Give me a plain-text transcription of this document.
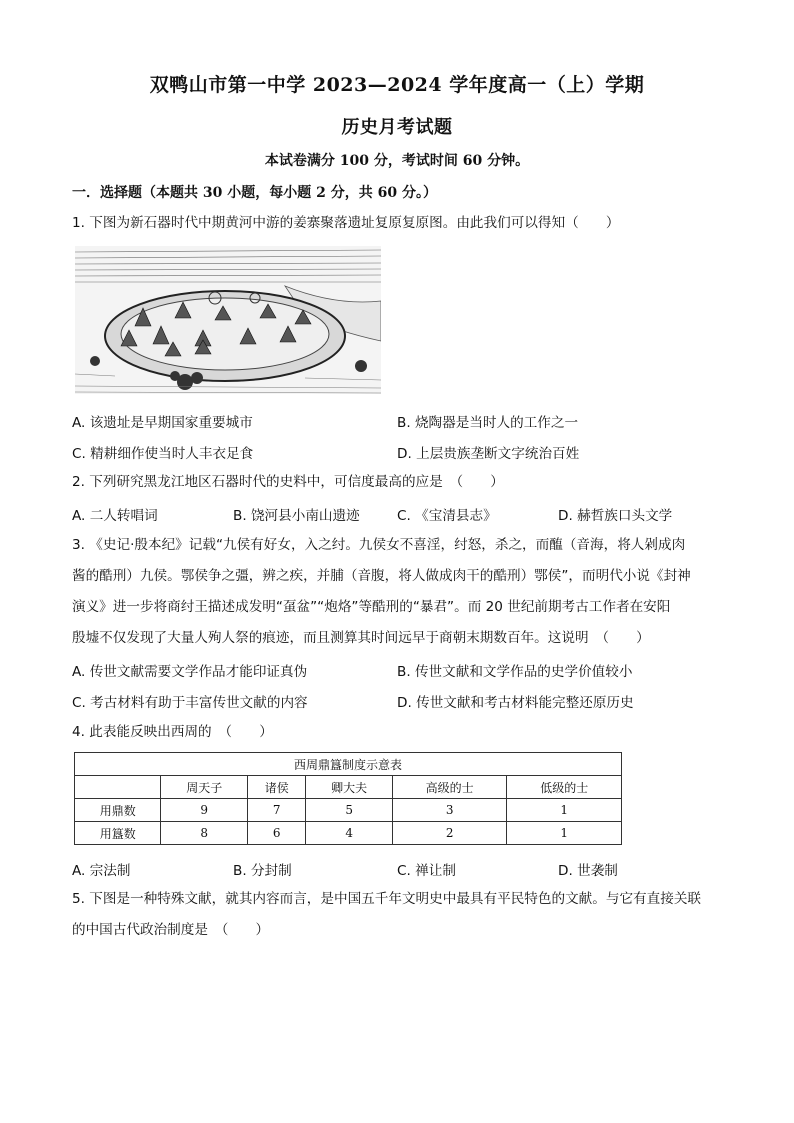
双鸭山市第一中学 2023—2024 学年度高一（上）学期
历史月考试题
本试卷满分 100 分，考试时间 60 分钟。
一．选择题（本题共 30 小题，每小题 2 分，共 60 分。）
1. 下图为新石器时代中期黄河中游的姜寨聚落遗址复原复原图。由此我们可以得知（　　）
A. 该遗址是早期国家重要城市	B. 烧陶器是当时人的工作之一
C. 精耕细作使当时人丰衣足食	D. 上层贵族垄断文字统治百姓
2. 下列研究黑龙江地区石器时代的史料中，可信度最高的应是　（　　）
A. 二人转唱词	B. 饶河县小南山遗迹	C. 《宝清县志》	D. 赫哲族口头文学
3. 《史记·殷本纪》记载“九侯有好女，入之纣。九侯女不喜淫，纣怒，杀之，而醢（音海，将人剁成肉
酱的酷刑）九侯。鄂侯争之彊，辨之疾，并脯（音腹，将人做成肉干的酷刑）鄂侯”，而明代小说《封神
演义》进一步将商纣王描述成发明“虿盆”“炮烙”等酷刑的“暴君”。而 20 世纪前期考古工作者在安阳
殷墟不仅发现了大量人殉人祭的痕迹，而且测算其时间远早于商朝末期数百年。这说明　（　　）
A. 传世文献需要文学作品才能印证真伪	B. 传世文献和文学作品的史学价值较小
C. 考古材料有助于丰富传世文献的内容	D. 传世文献和考古材料能完整还原历史
4. 此表能反映出西周的　（　　）
西周鼎簋制度示意表					
	周天子	诸侯	卿大夫	高级的士	低级的士
用鼎数	9	7	5	3	1
用簋数	8	6	4	2	1
A. 宗法制	B. 分封制	C. 禅让制	D. 世袭制
5. 下图是一种特殊文献，就其内容而言，是中国五千年文明史中最具有平民特色的文献。与它有直接关联
的中国古代政治制度是　（　　）
